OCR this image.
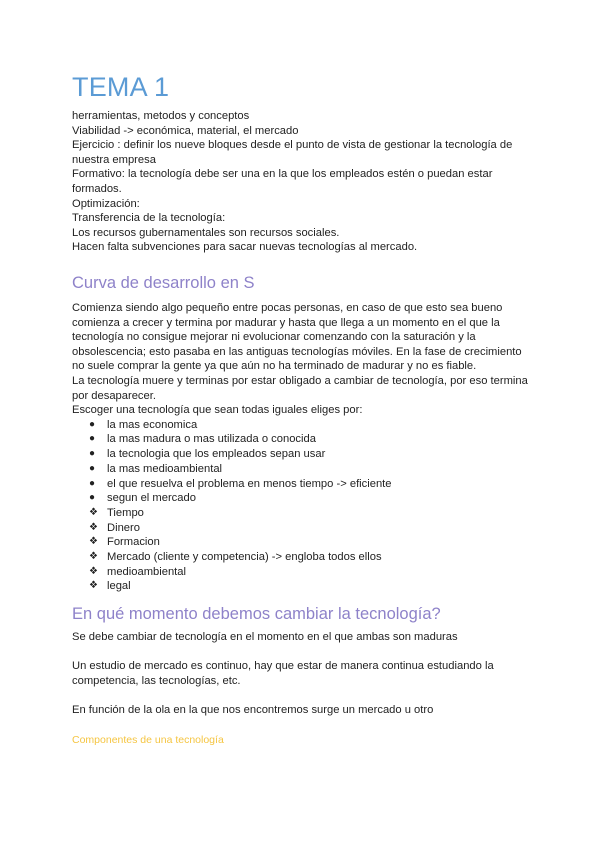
TEMA 1

herramientas, metodos y conceptos

Viabilidad -> económica, material, el mercado

Ejercicio : definir los nueve bloques desde el punto de vista de gestionar la tecnología de

nuestra empresa

Formativo: la tecnología debe ser una en la que los empleados estén o puedan estar

formados.

Optimización:

Transferencia de la tecnología:

Los recursos gubernamentales son recursos sociales.

Hacen falta subvenciones para sacar nuevas tecnologías al mercado.

Curva de desarrollo en S

Comienza siendo algo pequeño entre pocas personas, en caso de que esto sea bueno

comienza a crecer y termina por madurar y hasta que llega a un momento en el que la

tecnología no consigue mejorar ni evolucionar comenzando con la saturación y la

obsolescencia; esto pasaba en las antiguas tecnologías móviles. En la fase de crecimiento

no suele comprar la gente ya que aún no ha terminado de madurar y no es fiable.

La tecnología muere y terminas por estar obligado a cambiar de tecnología, por eso termina

por desaparecer.

Escoger una tecnología que sean todas iguales eliges por:

● la mas economica
● la mas madura o mas utilizada o conocida
● la tecnologia que los empleados sepan usar
● la mas medioambiental
● el que resuelva el problema en menos tiempo -> eficiente
● segun el mercado
❖ Tiempo
❖ Dinero
❖ Formacion
❖ Mercado (cliente y competencia) -> engloba todos ellos
❖ medioambiental
❖ legal
En qué momento debemos cambiar la tecnología?

Se debe cambiar de tecnología en el momento en el que ambas son maduras

Un estudio de mercado es continuo, hay que estar de manera continua estudiando la

competencia, las tecnologías, etc.

En función de la ola en la que nos encontremos surge un mercado u otro

Componentes de una tecnología
